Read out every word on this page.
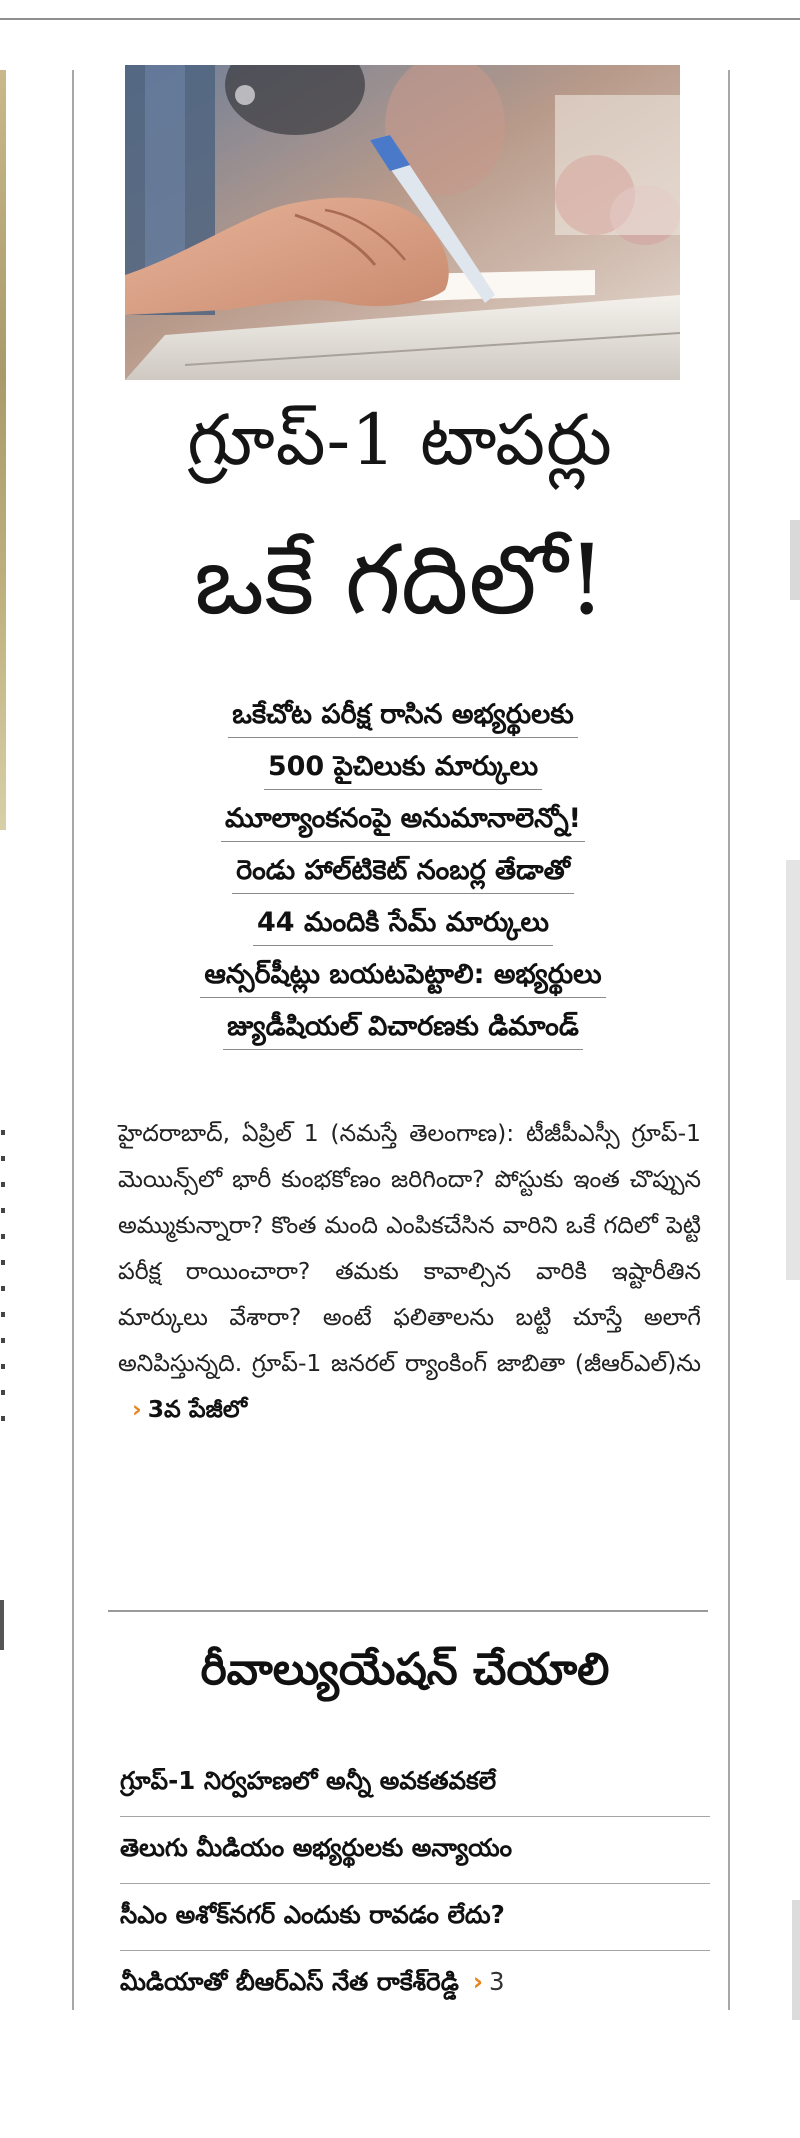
గ్రూప్-1 టాపర్లు
ఒకే గదిలో!
ఒకేచోట పరీక్ష రాసిన అభ్యర్థులకు
500 పైచిలుకు మార్కులు
మూల్యాంకనంపై అనుమానాలెన్నో!
రెండు హాల్‌టికెట్ నంబర్ల తేడాతో
44 మందికి సేమ్ మార్కులు
ఆన్సర్‌షీట్లు బయటపెట్టాలి: అభ్యర్థులు
జ్యుడీషియల్ విచారణకు డిమాండ్

హైదరాబాద్, ఏప్రిల్ 1 (నమస్తే తెలంగాణ): టీజీపీఎస్సీ గ్రూప్-1 మెయిన్స్‌లో భారీ కుంభకోణం జరిగిందా? పోస్టుకు ఇంత చొప్పున అమ్ముకున్నారా? కొంత మంది ఎంపికచేసిన వారిని ఒకే గదిలో పెట్టి పరీక్ష రాయించారా? తమకు కావాల్సిన వారికి ఇష్టారీతిన మార్కులు వేశారా? అంటే ఫలితాలను బట్టి చూస్తే అలాగే అనిపిస్తున్నది. గ్రూప్-1 జనరల్ ర్యాంకింగ్ జాబితా (జీఆర్ఎల్)ను › 3వ పేజీలో

రీవాల్యుయేషన్ చేయాలి
గ్రూప్-1 నిర్వహణలో అన్నీ అవకతవకలే
తెలుగు మీడియం అభ్యర్థులకు అన్యాయం
సీఎం అశోక్‌నగర్ ఎందుకు రావడం లేదు?
మీడియాతో బీఆర్ఎస్ నేత రాకేశ్‌రెడ్డి › 3
